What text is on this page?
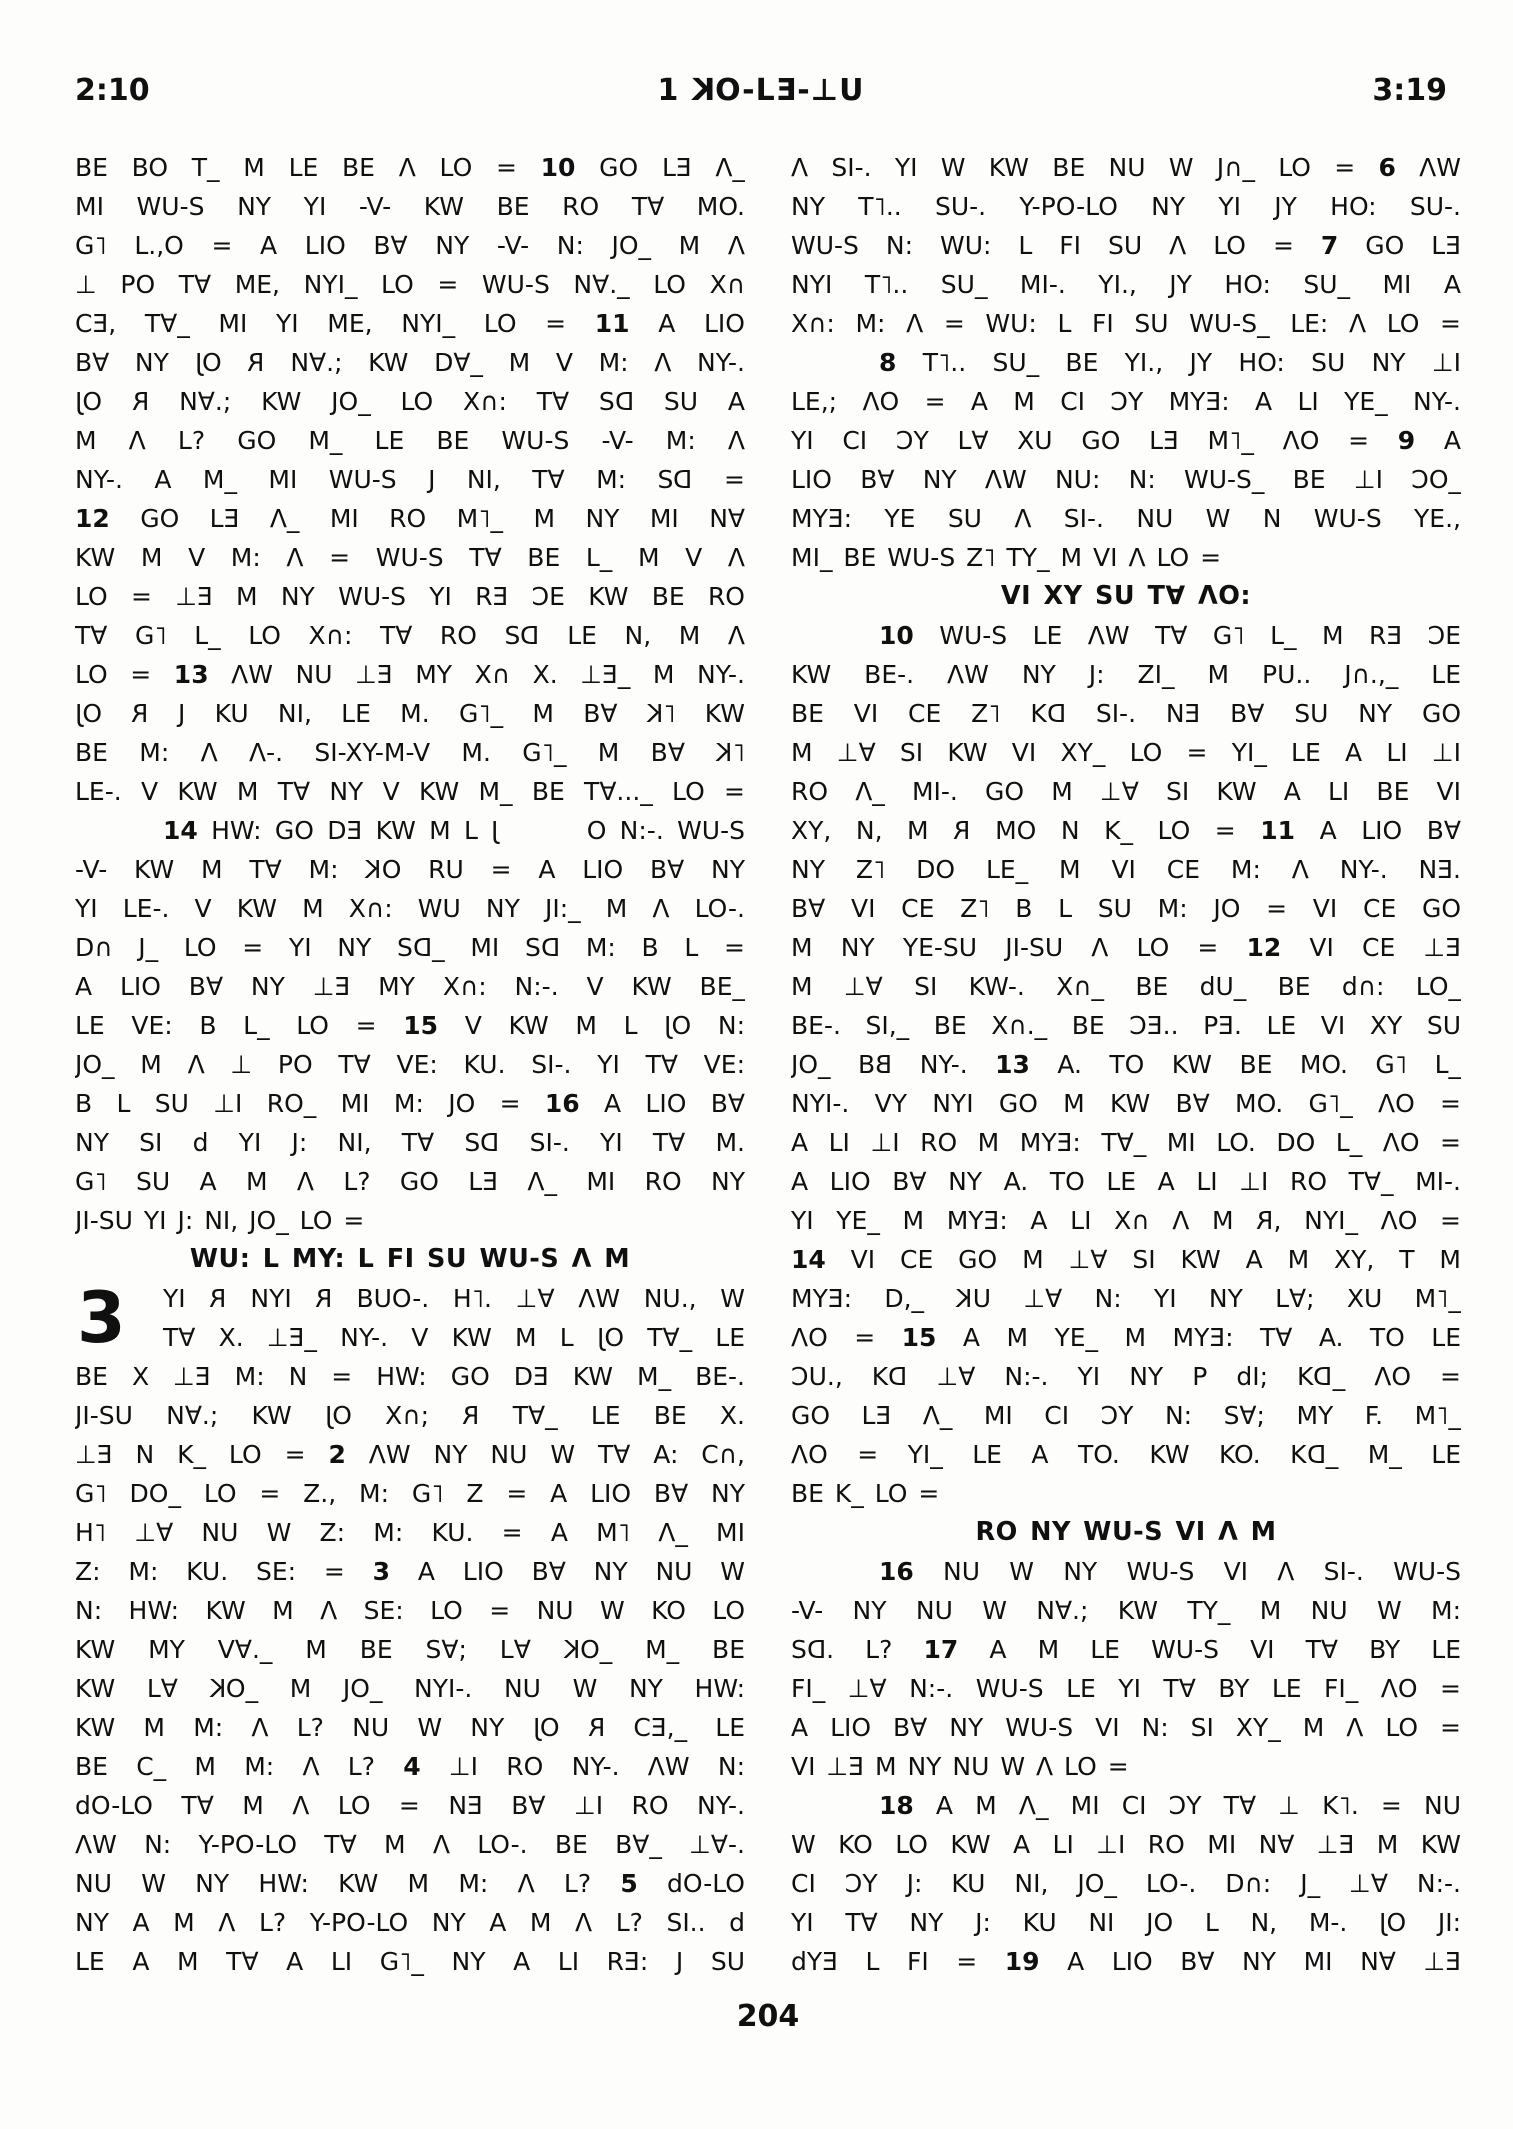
2:10	1 KO-LƎ-⊥U	3:19
BE BO T_ M LE BE Λ LO = 10 GO LƎ Λ_
MI WU-S NY YI -V- KW BE RO T∀ MO.
G˥ L.,O = A LIO B∀ NY -V- N: JO_ M Λ
⊥ PO T∀ ME, NYI_ LO = WU-S N∀._ LO X∩
CƎ, T∀_ MI YI ME, NYI_ LO = 11 A LIO
B∀ NY JO R N∀.; KW D∀_ M V M: Λ NY-.
JO R N∀.; KW JO_ LO X∩: T∀ SD SU A
M Λ L? GO M_ LE BE WU-S -V- M: Λ
NY-. A M_ MI WU-S J NI, T∀ M: SD =
12 GO LƎ Λ_ MI RO M˥_ M NY MI N∀
KW M V M: Λ = WU-S T∀ BE L_ M V Λ
LO = ⊥Ǝ M NY WU-S YI RƎ ƆE KW BE RO
T∀ G˥ L_ LO X∩: T∀ RO SD LE N, M Λ
LO = 13 ΛW NU ⊥Ǝ MY X∩ X. ⊥Ǝ_ M NY-.
JO R J KU NI, LE M. G˥_ M B∀ K˥ KW
BE M: Λ Λ-. SI-XY-M-V M. G˥_ M B∀ K˥
LE-. V KW M T∀ NY V KW M_ BE T∀..._ LO =
14 HW: GO DƎ KW M L J	O N:-. WU-S
-V- KW M T∀ M: KO RU = A LIO B∀ NY
YI LE-. V KW M X∩: WU NY JI:_ M Λ LO-.
D∩ J_ LO = YI NY SD_ MI SD M: B L =
A LIO B∀ NY ⊥Ǝ MY X∩: N:-. V KW BE_
LE VE: B L_ LO = 15 V KW M L JO N:
JO_ M Λ ⊥ PO T∀ VE: KU. SI-. YI T∀ VE:
B L SU ⊥I RO_ MI M: JO = 16 A LIO B∀
NY SI d YI J: NI, T∀ SD SI-. YI T∀ M.
G˥ SU A M Λ L? GO LƎ Λ_ MI RO NY
JI-SU YI J: NI, JO_ LO =
WU: L MY: L FI SU WU-S Λ M
3 YI R NYI R BUO-. H˥. ⊥∀ ΛW NU., W
T∀ X. ⊥Ǝ_ NY-. V KW M L JO T∀_ LE
BE X ⊥Ǝ M: N = HW: GO DƎ KW M_ BE-.
JI-SU N∀.; KW JO X∩; R T∀_ LE BE X.
⊥Ǝ N K_ LO = 2 ΛW NY NU W T∀ A: C∩,
G˥ DO_ LO = Z., M: G˥ Z = A LIO B∀ NY
H˥ ⊥∀ NU W Z: M: KU. = A M˥ Λ_ MI
Z: M: KU. SE: = 3 A LIO B∀ NY NU W
N: HW: KW M Λ SE: LO = NU W KO LO
KW MY V∀._ M BE S∀; L∀ KO_ M_ BE
KW L∀ KO_ M JO_ NYI-. NU W NY HW:
KW M M: Λ L? NU W NY JO R CƎ,_ LE
BE C_ M M: Λ L? 4 ⊥I RO NY-. ΛW N:
dO-LO T∀ M Λ LO = NƎ B∀ ⊥I RO NY-.
ΛW N: Y-PO-LO T∀ M Λ LO-. BE B∀_ ⊥∀-.
NU W NY HW: KW M M: Λ L? 5 dO-LO
NY A M Λ L? Y-PO-LO NY A M Λ L? SI.. d
LE A M T∀ A LI G˥_ NY A LI RƎ: J SU
Λ SI-. YI W KW BE NU W J∩_ LO = 6 ΛW
NY T˥.. SU-. Y-PO-LO NY YI JY HO: SU-.
WU-S N: WU: L FI SU Λ LO = 7 GO LƎ
NYI T˥.. SU_ MI-. YI., JY HO: SU_ MI A
X∩: M: Λ = WU: L FI SU WU-S_ LE: Λ LO =
8 T˥.. SU_ BE YI., JY HO: SU NY ⊥I
LE,; ΛO = A M CI ƆY MYƎ: A LI YE_ NY-.
YI CI ƆY L∀ XU GO LƎ M˥_ ΛO = 9 A
LIO B∀ NY ΛW NU: N: WU-S_ BE ⊥I ƆO_
MYƎ: YE SU Λ SI-. NU W N WU-S YE.,
MI_ BE WU-S Z˥ TY_ M VI Λ LO =
VI XY SU T∀ ΛO:
10 WU-S LE ΛW T∀ G˥ L_ M RƎ ƆE
KW BE-. ΛW NY J: ZI_ M PU.. J∩.,_ LE
BE VI CE Z˥ KD SI-. NƎ B∀ SU NY GO
M ⊥∀ SI KW VI XY_ LO = YI_ LE A LI ⊥I
RO Λ_ MI-. GO M ⊥∀ SI KW A LI BE VI
XY, N, M R MO N K_ LO = 11 A LIO B∀
NY Z˥ DO LE_ M VI CE M: Λ NY-. NƎ.
B∀ VI CE Z˥ B L SU M: JO = VI CE GO
M NY YE-SU JI-SU Λ LO = 12 VI CE ⊥Ǝ
M ⊥∀ SI KW-. X∩_ BE dU_ BE d∩: LO_
BE-. SI,_ BE X∩._ BE ƆƎ.. PƎ. LE VI XY SU
JO_ BB NY-. 13 A. TO KW BE MO. G˥ L_
NYI-. VY NYI GO M KW B∀ MO. G˥_ ΛO =
A LI ⊥I RO M MYƎ: T∀_ MI LO. DO L_ ΛO =
A LIO B∀ NY A. TO LE A LI ⊥I RO T∀_ MI-.
YI YE_ M MYƎ: A LI X∩ Λ M R, NYI_ ΛO =
14 VI CE GO M ⊥∀ SI KW A M XY, T M
MYƎ: D,_ KU ⊥∀ N: YI NY L∀; XU M˥_
ΛO = 15 A M YE_ M MYƎ: T∀ A. TO LE
ƆU., KD ⊥∀ N:-. YI NY P dI; KD_ ΛO =
GO LƎ Λ_ MI CI ƆY N: S∀; MY F. M˥_
ΛO = YI_ LE A TO. KW KO. KD_ M_ LE
BE K_ LO =
RO NY WU-S VI Λ M
16 NU W NY WU-S VI Λ SI-. WU-S
-V- NY NU W N∀.; KW TY_ M NU W M:
SD. L? 17 A M LE WU-S VI T∀ BY LE
FI_ ⊥∀ N:-. WU-S LE YI T∀ BY LE FI_ ΛO =
A LIO B∀ NY WU-S VI N: SI XY_ M Λ LO =
VI ⊥Ǝ M NY NU W Λ LO =
18 A M Λ_ MI CI ƆY T∀ ⊥ K˥. = NU
W KO LO KW A LI ⊥I RO MI N∀ ⊥Ǝ M KW
CI ƆY J: KU NI, JO_ LO-. D∩: J_ ⊥∀ N:-.
YI T∀ NY J: KU NI JO L N, M-. JO JI:
dYƎ L FI = 19 A LIO B∀ NY MI N∀ ⊥Ǝ
204
